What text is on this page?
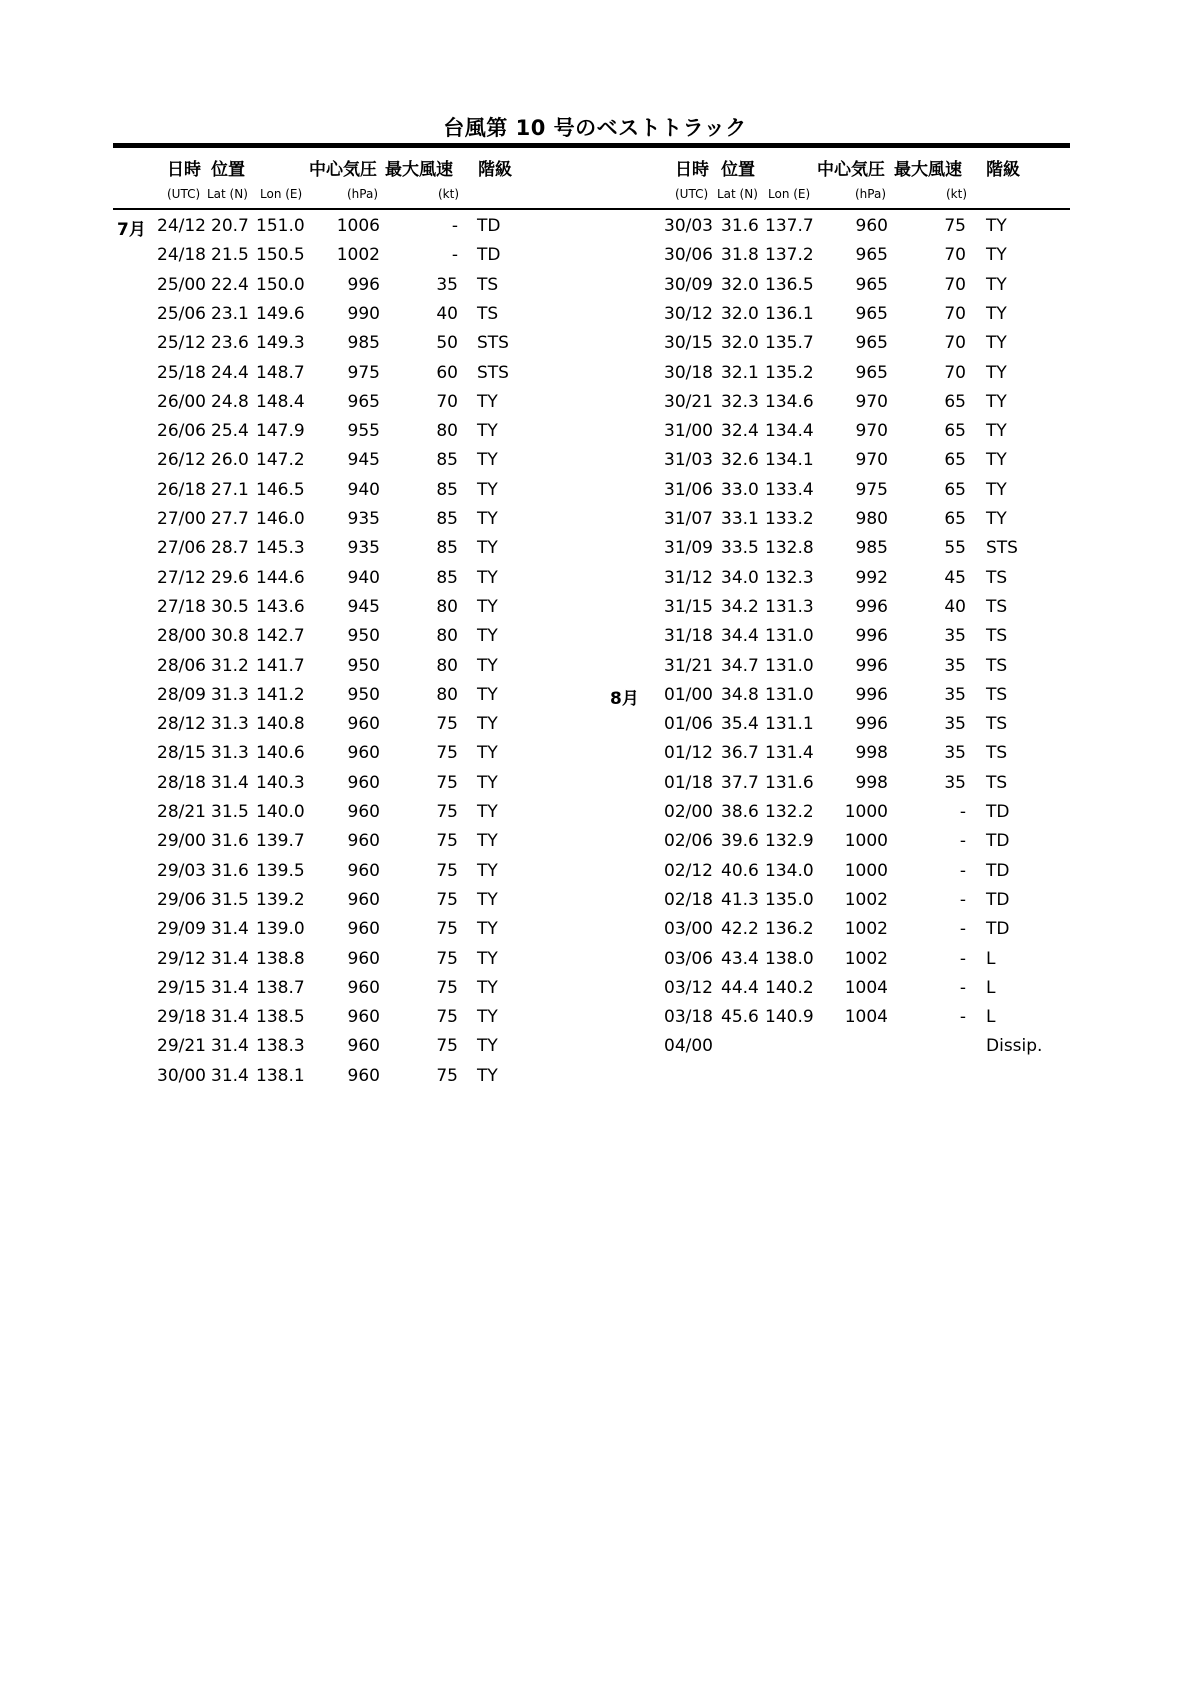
台風第 10 号のベストトラック
日時 位置	中心気圧 最大風速 階級
(UTC) Lat (N) Lon (E)	(hPa)	(kt)
日時 位置	中心気圧 最大風速 階級
(UTC) Lat (N) Lon (E)	(hPa)	(kt)
7月
8月
24/12 20.7 151.0 1006	- TD
24/18 21.5 150.5 1002	- TD
25/00 22.4 150.0	996	35 TS
25/06 23.1 149.6	990	40 TS
25/12 23.6 149.3	985	50 STS
25/18 24.4 148.7	975	60 STS
26/00 24.8 148.4	965	70 TY
26/06 25.4 147.9	955	80 TY
26/12 26.0 147.2	945	85 TY
26/18 27.1 146.5	940	85 TY
27/00 27.7 146.0	935	85 TY
27/06 28.7 145.3	935	85 TY
27/12 29.6 144.6	940	85 TY
27/18 30.5 143.6	945	80 TY
28/00 30.8 142.7	950	80 TY
28/06 31.2 141.7	950	80 TY
28/09 31.3 141.2	950	80 TY
28/12 31.3 140.8	960	75 TY
28/15 31.3 140.6	960	75 TY
28/18 31.4 140.3	960	75 TY
28/21 31.5 140.0	960	75 TY
29/00 31.6 139.7	960	75 TY
29/03 31.6 139.5	960	75 TY
29/06 31.5 139.2	960	75 TY
29/09 31.4 139.0	960	75 TY
29/12 31.4 138.8	960	75 TY
29/15 31.4 138.7	960	75 TY
29/18 31.4 138.5	960	75 TY
29/21 31.4 138.3	960	75 TY
30/00 31.4 138.1	960	75 TY
30/03 31.6 137.7 960	75 TY
30/06 31.8 137.2 965	70 TY
30/09 32.0 136.5 965	70 TY
30/12 32.0 136.1 965	70 TY
30/15 32.0 135.7 965	70 TY
30/18 32.1 135.2 965	70 TY
30/21 32.3 134.6 970	65 TY
31/00 32.4 134.4 970	65 TY
31/03 32.6 134.1 970	65 TY
31/06 33.0 133.4 975	65 TY
31/07 33.1 133.2 980	65 TY
31/09 33.5 132.8 985	55 STS
31/12 34.0 132.3 992	45 TS
31/15 34.2 131.3 996	40 TS
31/18 34.4 131.0 996	35 TS
31/21 34.7 131.0 996	35 TS
01/00 34.8 131.0 996	35 TS
01/06 35.4 131.1 996	35 TS
01/12 36.7 131.4 998	35 TS
01/18 37.7 131.6 998	35 TS
02/00 38.6 132.2 1000	- TD
02/06 39.6 132.9 1000	- TD
02/12 40.6 134.0 1000	- TD
02/18 41.3 135.0 1002	- TD
03/00 42.2 136.2 1002	- TD
03/06 43.4 138.0 1002	- L
03/12 44.4 140.2 1004	- L
03/18 45.6 140.9 1004	- L
04/00	Dissip.
